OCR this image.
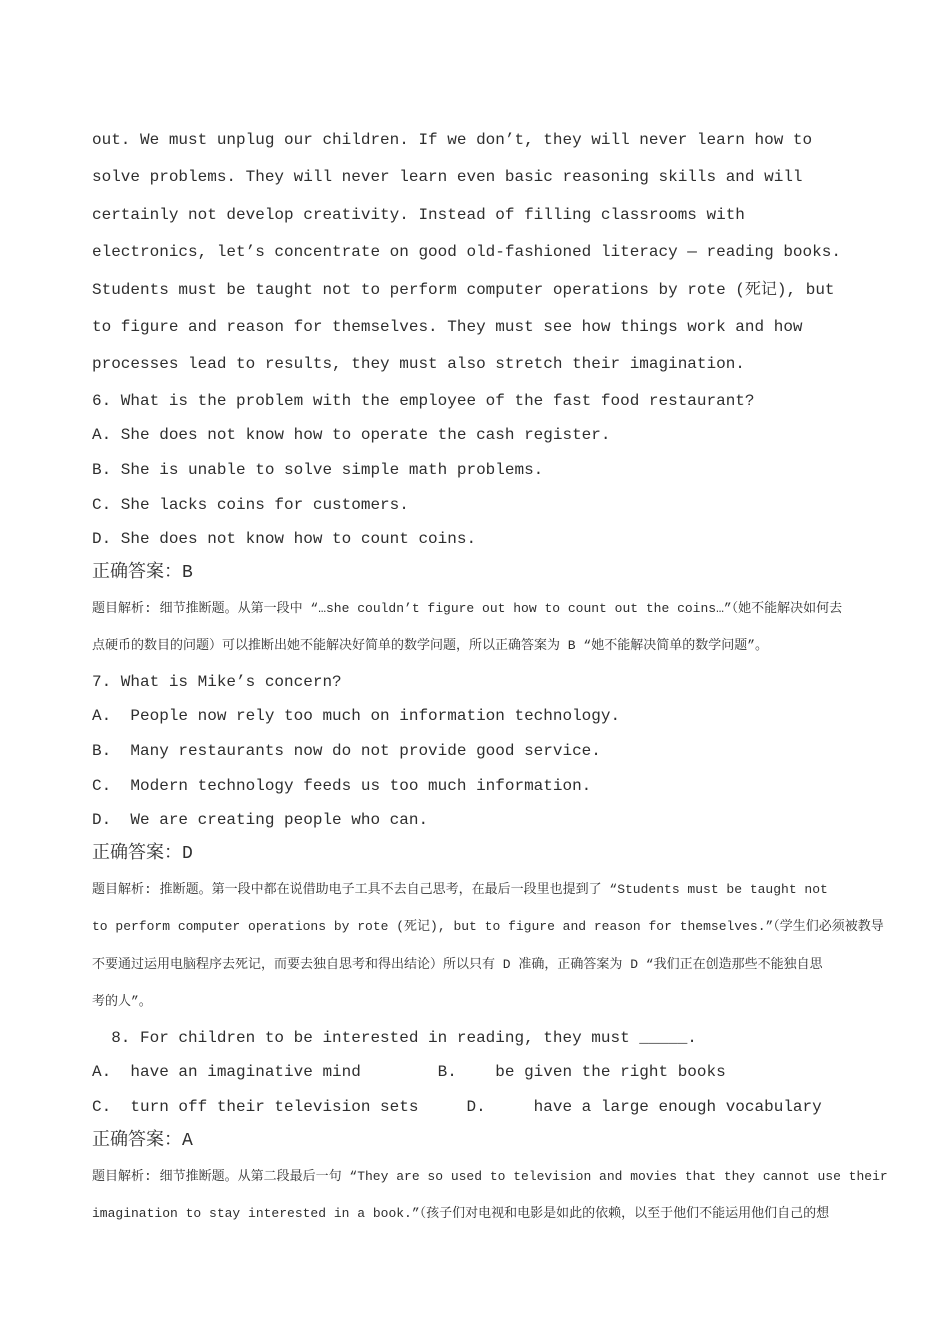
out. We must unplug our children. If we don’t, they will never learn how to
solve problems. They will never learn even basic reasoning skills and will
certainly not develop creativity. Instead of filling classrooms with
electronics, let’s concentrate on good old-fashioned literacy — reading books.
Students must be taught not to perform computer operations by rote (死记), but
to figure and reason for themselves. They must see how things work and how
processes lead to results, they must also stretch their imagination.
6. What is the problem with the employee of the fast food restaurant?
A. She does not know how to operate the cash register.
B. She is unable to solve simple math problems.
C. She lacks coins for customers.
D. She does not know how to count coins.
正确答案：B
题目解析: 细节推断题。从第一段中 “…she couldn’t figure out how to count out the coins…”（她不能解决如何去
点硬币的数目的问题）可以推断出她不能解决好简单的数学问题，所以正确答案为 B “她不能解决简单的数学问题”。
7. What is Mike’s concern?
A.  People now rely too much on information technology.
B.  Many restaurants now do not provide good service.
C.  Modern technology feeds us too much information.
D.  We are creating people who can.
正确答案：D
题目解析: 推断题。第一段中都在说借助电子工具不去自己思考，在最后一段里也提到了 “Students must be taught not
to perform computer operations by rote (死记), but to figure and reason for themselves.”（学生们必须被教导
不要通过运用电脑程序去死记，而要去独自思考和得出结论）所以只有 D 准确，正确答案为 D “我们正在创造那些不能独自思
考的人”。
8. For children to be interested in reading, they must _____.
A.  have an imaginative mind        B.    be given the right books
C.  turn off their television sets     D.     have a large enough vocabulary
正确答案：A
题目解析: 细节推断题。从第二段最后一句 “They are so used to television and movies that they cannot use their
imagination to stay interested in a book.”（孩子们对电视和电影是如此的依赖，以至于他们不能运用他们自己的想
